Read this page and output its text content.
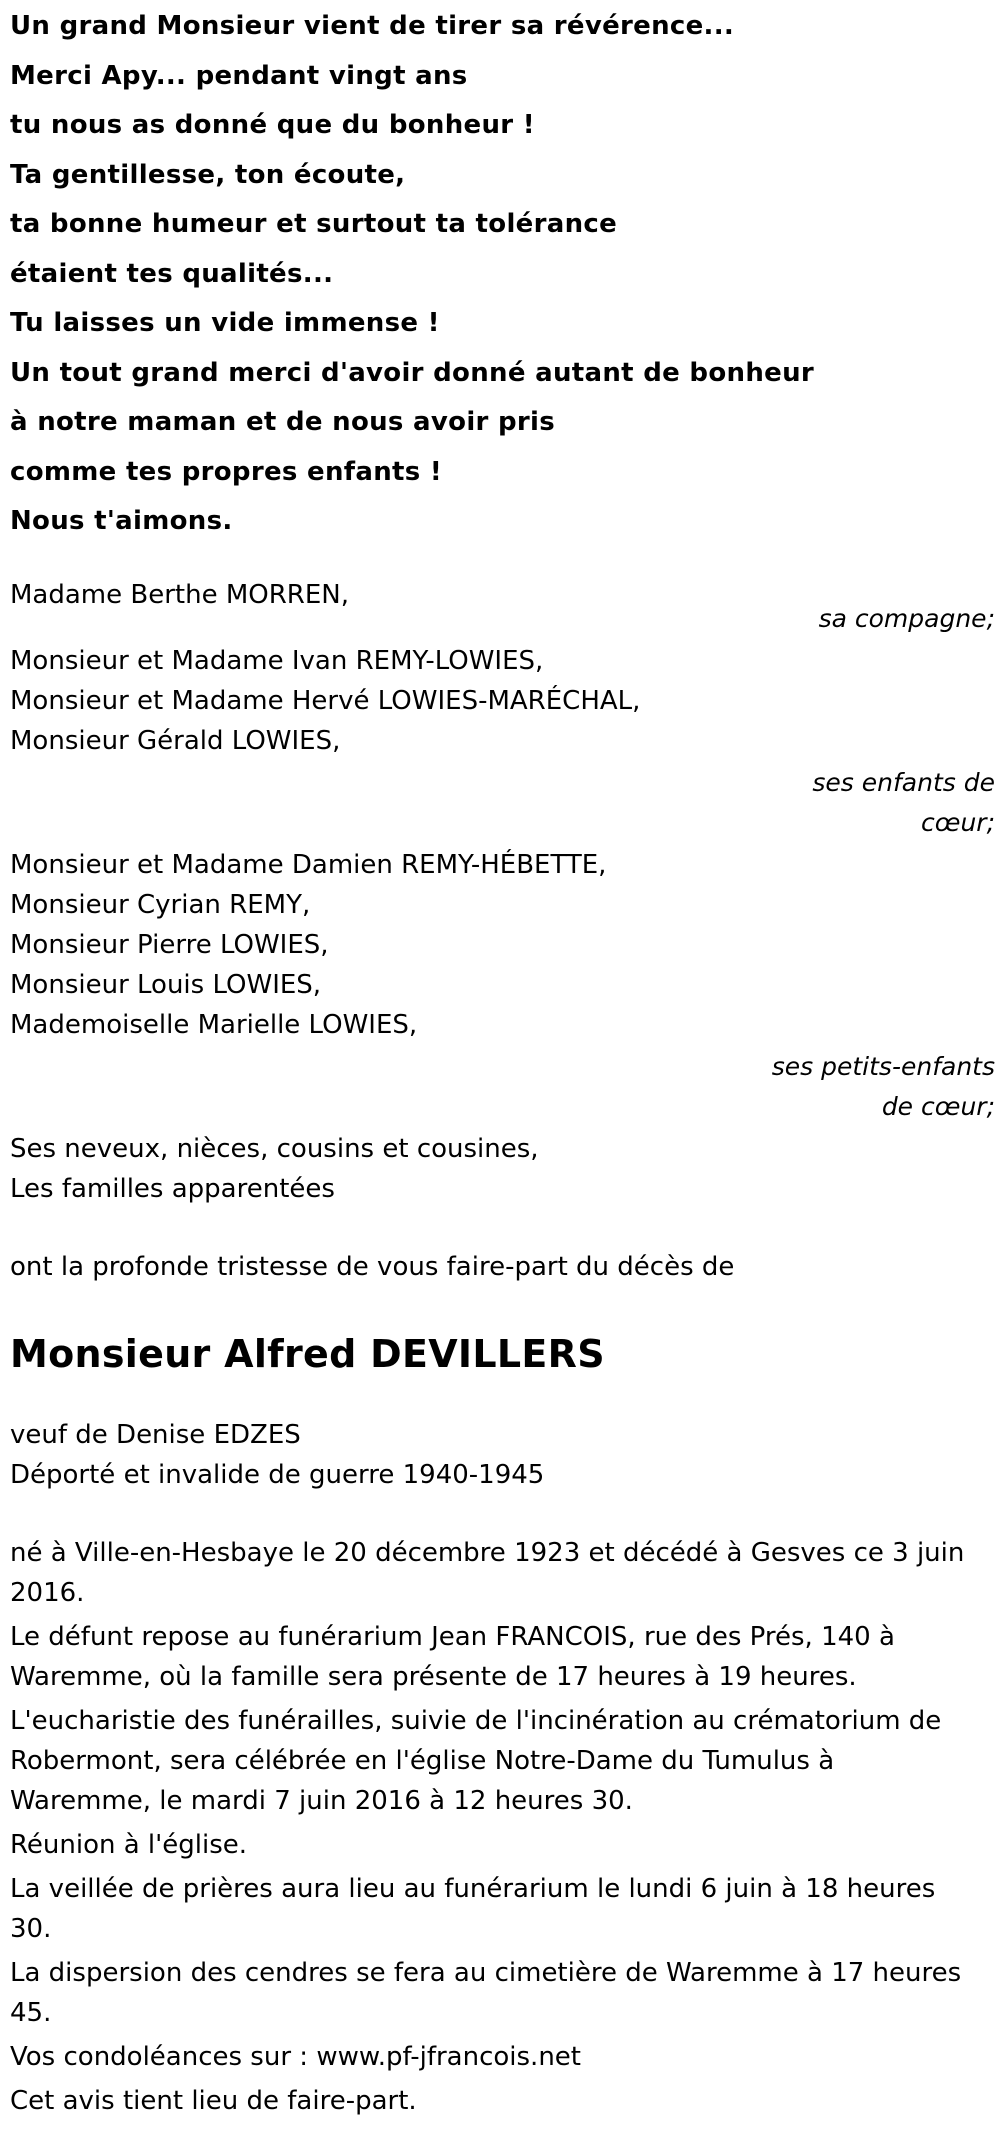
Un grand Monsieur vient de tirer sa révérence...
Merci Apy... pendant vingt ans
tu nous as donné que du bonheur !
Ta gentillesse, ton écoute,
ta bonne humeur et surtout ta tolérance
étaient tes qualités...
Tu laisses un vide immense !
Un tout grand merci d'avoir donné autant de bonheur
à notre maman et de nous avoir pris
comme tes propres enfants !
Nous t'aimons.
Madame Berthe MORREN,
sa compagne;
Monsieur et Madame Ivan REMY-LOWIES,
Monsieur et Madame Hervé LOWIES-MARÉCHAL,
Monsieur Gérald LOWIES,
ses enfants de
cœur;
Monsieur et Madame Damien REMY-HÉBETTE,
Monsieur Cyrian REMY,
Monsieur Pierre LOWIES,
Monsieur Louis LOWIES,
Mademoiselle Marielle LOWIES,
ses petits-enfants
de cœur;
Ses neveux, nièces, cousins et cousines,
Les familles apparentées
ont la profonde tristesse de vous faire-part du décès de
Monsieur Alfred DEVILLERS
veuf de Denise EDZES
Déporté et invalide de guerre 1940-1945

né à Ville-en-Hesbaye le 20 décembre 1923 et décédé à Gesves ce 3 juin 2016.

Le défunt repose au funérarium Jean FRANCOIS, rue des Prés, 140 à Waremme, où la famille sera présente de 17 heures à 19 heures.

L'eucharistie des funérailles, suivie de l'incinération au crématorium de Robermont, sera célébrée en l'église Notre-Dame du Tumulus à Waremme, le mardi 7 juin 2016 à 12 heures 30.

Réunion à l'église.

La veillée de prières aura lieu au funérarium le lundi 6 juin à 18 heures 30.

La dispersion des cendres se fera au cimetière de Waremme à 17 heures 45.

Vos condoléances sur : www.pf-jfrancois.net

Cet avis tient lieu de faire-part.
